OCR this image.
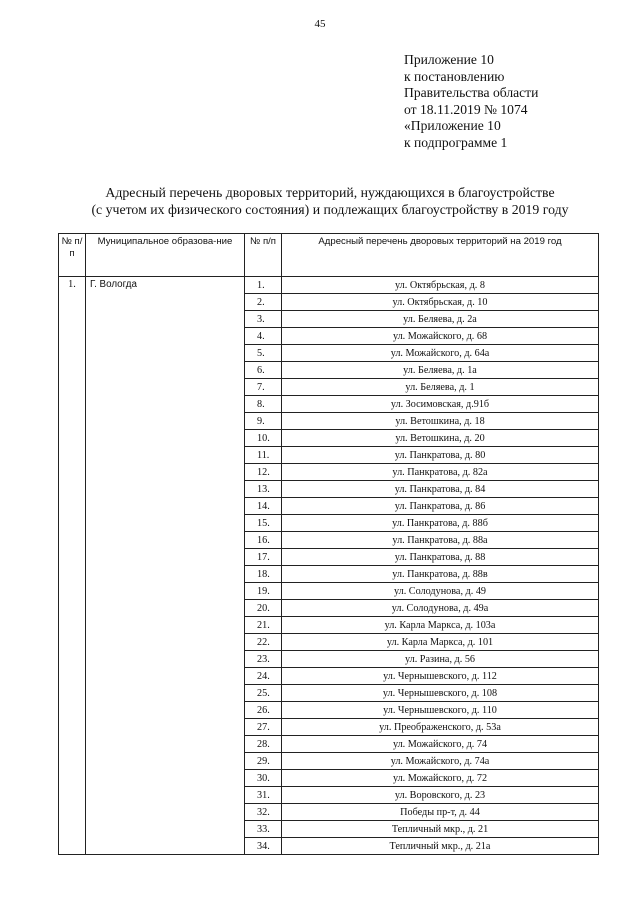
45
Приложение 10
к постановлению
Правительства области
от 18.11.2019 № 1074
«Приложение 10
к подпрограмме 1
Адресный перечень дворовых территорий, нуждающихся в благоустройстве
(с учетом их физического состояния) и подлежащих благоустройству в 2019 году
№ п/п	Муниципальное образова-ние	№ п/п	Адресный перечень дворовых территорий на 2019 год
1.	Г. Вологда	1.	ул. Октябрьская, д. 8
		2.	ул. Октябрьская, д. 10
		3.	ул. Беляева, д. 2а
		4.	ул. Можайского, д. 68
		5.	ул. Можайского, д. 64а
		6.	ул. Беляева, д. 1а
		7.	ул. Беляева, д. 1
		8.	ул. Зосимовская, д.91б
		9.	ул. Ветошкина, д. 18
		10.	ул. Ветошкина, д. 20
		11.	ул. Панкратова, д. 80
		12.	ул. Панкратова, д. 82а
		13.	ул. Панкратова, д. 84
		14.	ул. Панкратова, д. 86
		15.	ул. Панкратова, д. 88б
		16.	ул. Панкратова, д. 88а
		17.	ул. Панкратова, д. 88
		18.	ул. Панкратова, д. 88в
		19.	ул. Солодунова, д. 49
		20.	ул. Солодунова, д. 49а
		21.	ул. Карла Маркса, д. 103а
		22.	ул. Карла Маркса, д. 101
		23.	ул. Разина, д. 56
		24.	ул. Чернышевского, д. 112
		25.	ул. Чернышевского, д. 108
		26.	ул. Чернышевского, д. 110
		27.	ул. Преображенского, д. 53а
		28.	ул. Можайского, д. 74
		29.	ул. Можайского, д. 74а
		30.	ул. Можайского, д. 72
		31.	ул. Воровского, д. 23
		32.	Победы пр-т, д. 44
		33.	Тепличный мкр., д. 21
		34.	Тепличный мкр., д. 21а
